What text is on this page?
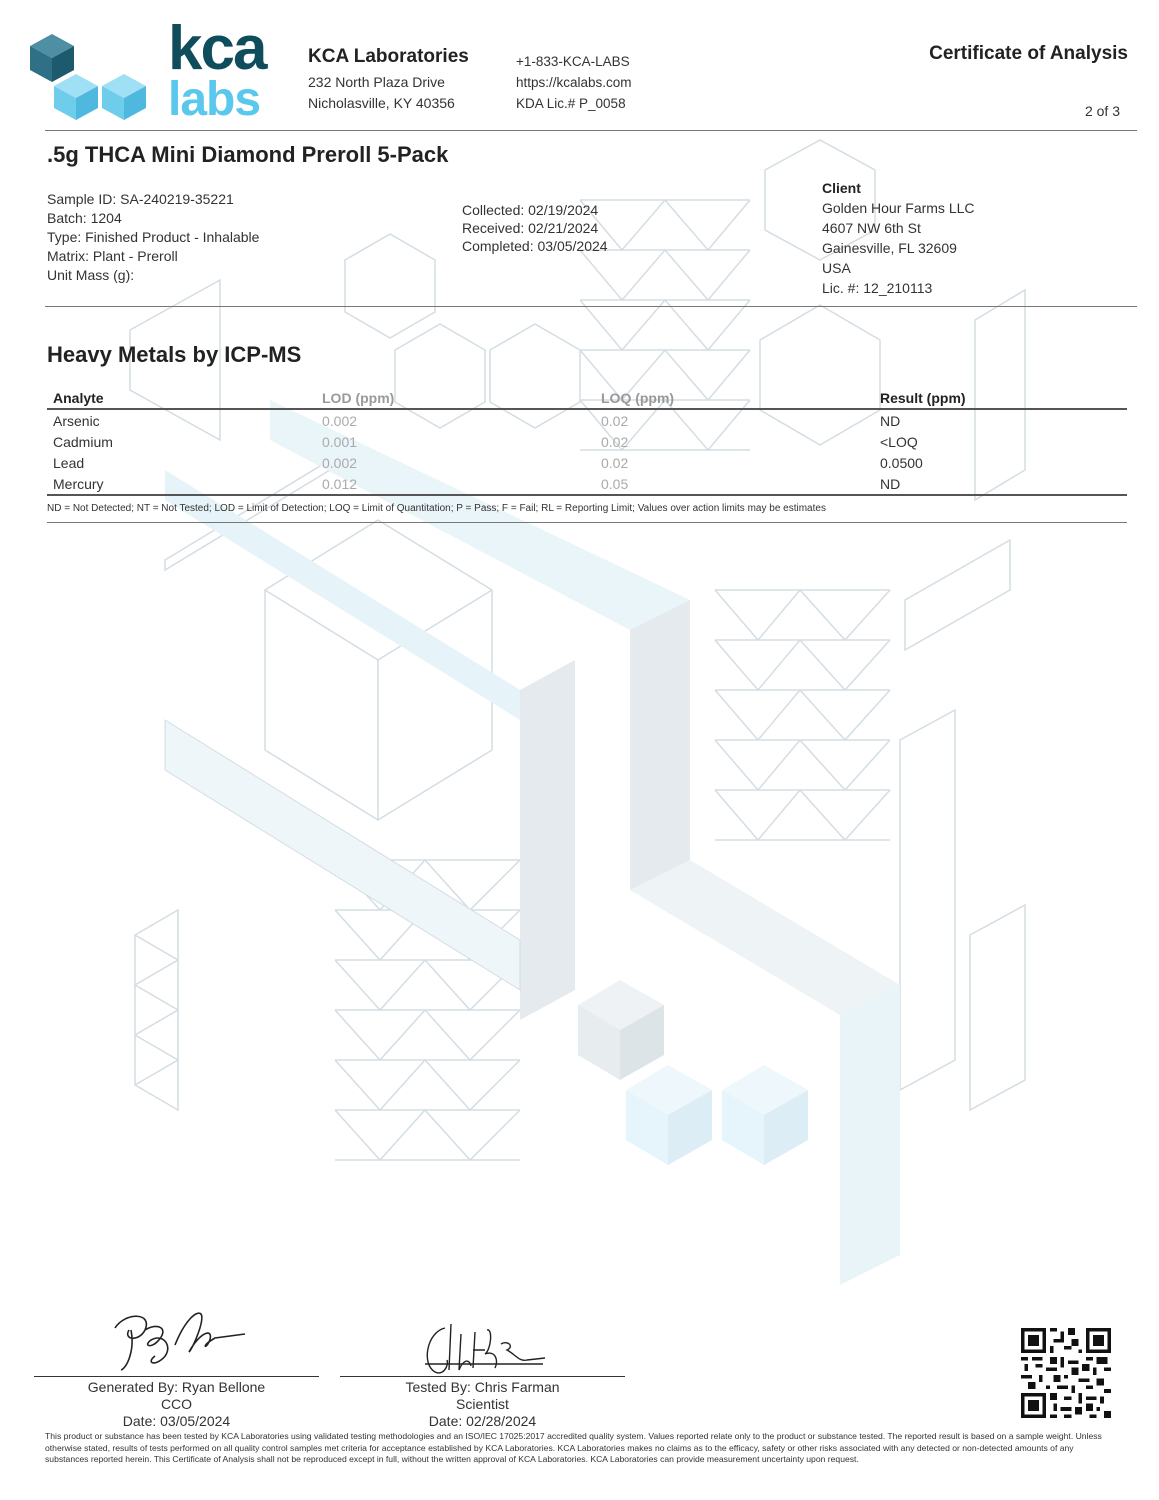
kca
labs
KCA Laboratories
232 North Plaza Drive
Nicholasville, KY 40356
+1-833-KCA-LABS
https://kcalabs.com
KDA Lic.# P_0058
Certificate of Analysis
2 of 3
.5g THCA Mini Diamond Preroll 5-Pack
Sample ID: SA-240219-35221
Batch: 1204
Type: Finished Product - Inhalable
Matrix: Plant - Preroll
Unit Mass (g):
Collected: 02/19/2024
Received: 02/21/2024
Completed: 03/05/2024
Client
Golden Hour Farms LLC
4607 NW 6th St
Gainesville, FL 32609
USA
Lic. #: 12_210113
Heavy Metals by ICP-MS
Analyte	LOD (ppm)	LOQ (ppm)	Result (ppm)
Arsenic	0.002	0.02	ND
Cadmium	0.001	0.02	<LOQ
Lead	0.002	0.02	0.0500
Mercury	0.012	0.05	ND
ND = Not Detected; NT = Not Tested; LOD = Limit of Detection; LOQ = Limit of Quantitation; P = Pass; F = Fail; RL = Reporting Limit; Values over action limits may be estimates
Generated By: Ryan Bellone
CCO
Date: 03/05/2024
Tested By: Chris Farman
Scientist
Date: 02/28/2024
This product or substance has been tested by KCA Laboratories using validated testing methodologies and an ISO/IEC 17025:2017 accredited quality system. Values reported relate only to the product or substance tested. The reported result is based on a sample weight. Unless otherwise stated, results of tests performed on all quality control samples met criteria for acceptance established by KCA Laboratories. KCA Laboratories makes no claims as to the efficacy, safety or other risks associated with any detected or non-detected amounts of any substances reported herein. This Certificate of Analysis shall not be reproduced except in full, without the written approval of KCA Laboratories. KCA Laboratories can provide measurement uncertainty upon request.
